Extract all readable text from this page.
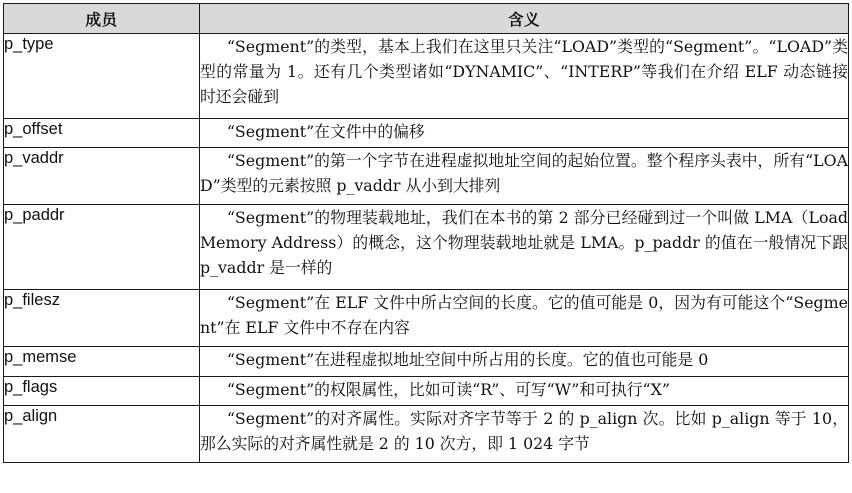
成员	含义
p_type	“Segment”的类型，基本上我们在这里只关注“LOAD”类型的“Segment”。“LOAD”类型的常量为 1。还有几个类型诸如“DYNAMIC”、“INTERP”等我们在介绍 ELF 动态链接时还会碰到
p_offset	“Segment”在文件中的偏移
p_vaddr	“Segment”的第一个字节在进程虚拟地址空间的起始位置。整个程序头表中，所有“LOAD”类型的元素按照 p_vaddr 从小到大排列
p_paddr	“Segment”的物理装载地址，我们在本书的第 2 部分已经碰到过一个叫做 LMA（Load Memory Address）的概念，这个物理装载地址就是 LMA。p_paddr 的值在一般情况下跟 p_vaddr 是一样的
p_filesz	“Segment”在 ELF 文件中所占空间的长度。它的值可能是 0，因为有可能这个“Segment”在 ELF 文件中不存在内容
p_memse	“Segment”在进程虚拟地址空间中所占用的长度。它的值也可能是 0
p_flags	“Segment”的权限属性，比如可读“R”、可写“W”和可执行“X”
p_align	“Segment”的对齐属性。实际对齐字节等于 2 的 p_align 次。比如 p_align 等于 10，那么实际的对齐属性就是 2 的 10 次方，即 1 024 字节
